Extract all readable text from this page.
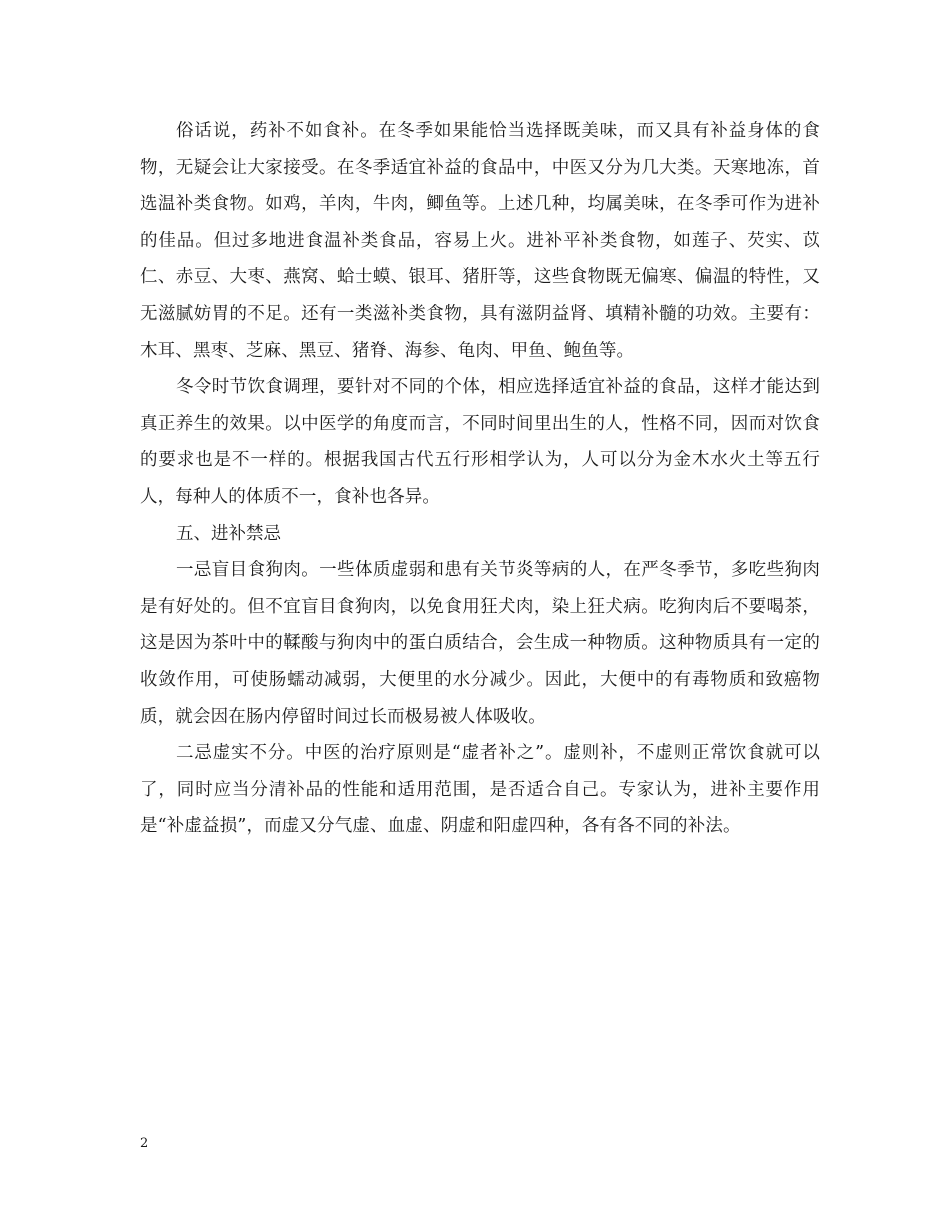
俗话说，药补不如食补。在冬季如果能恰当选择既美味，而又具有补益身体的食物，无疑会让大家接受。在冬季适宜补益的食品中，中医又分为几大类。天寒地冻，首选温补类食物。如鸡，羊肉，牛肉，鲫鱼等。上述几种，均属美味，在冬季可作为进补的佳品。但过多地进食温补类食品，容易上火。进补平补类食物，如莲子、芡实、苡仁、赤豆、大枣、燕窝、蛤士蟆、银耳、猪肝等，这些食物既无偏寒、偏温的特性，又无滋腻妨胃的不足。还有一类滋补类食物，具有滋阴益肾、填精补髓的功效。主要有：木耳、黑枣、芝麻、黑豆、猪脊、海参、龟肉、甲鱼、鲍鱼等。

冬令时节饮食调理，要针对不同的个体，相应选择适宜补益的食品，这样才能达到真正养生的效果。以中医学的角度而言，不同时间里出生的人，性格不同，因而对饮食的要求也是不一样的。根据我国古代五行形相学认为，人可以分为金木水火土等五行人，每种人的体质不一，食补也各异。

五、进补禁忌

一忌盲目食狗肉。一些体质虚弱和患有关节炎等病的人，在严冬季节，多吃些狗肉是有好处的。但不宜盲目食狗肉，以免食用狂犬肉，染上狂犬病。吃狗肉后不要喝茶，这是因为茶叶中的鞣酸与狗肉中的蛋白质结合，会生成一种物质。这种物质具有一定的收敛作用，可使肠蠕动减弱，大便里的水分减少。因此，大便中的有毒物质和致癌物质，就会因在肠内停留时间过长而极易被人体吸收。

二忌虚实不分。中医的治疗原则是“虚者补之”。虚则补，不虚则正常饮食就可以了，同时应当分清补品的性能和适用范围，是否适合自己。专家认为，进补主要作用是“补虚益损”，而虚又分气虚、血虚、阴虚和阳虚四种，各有各不同的补法。

2
